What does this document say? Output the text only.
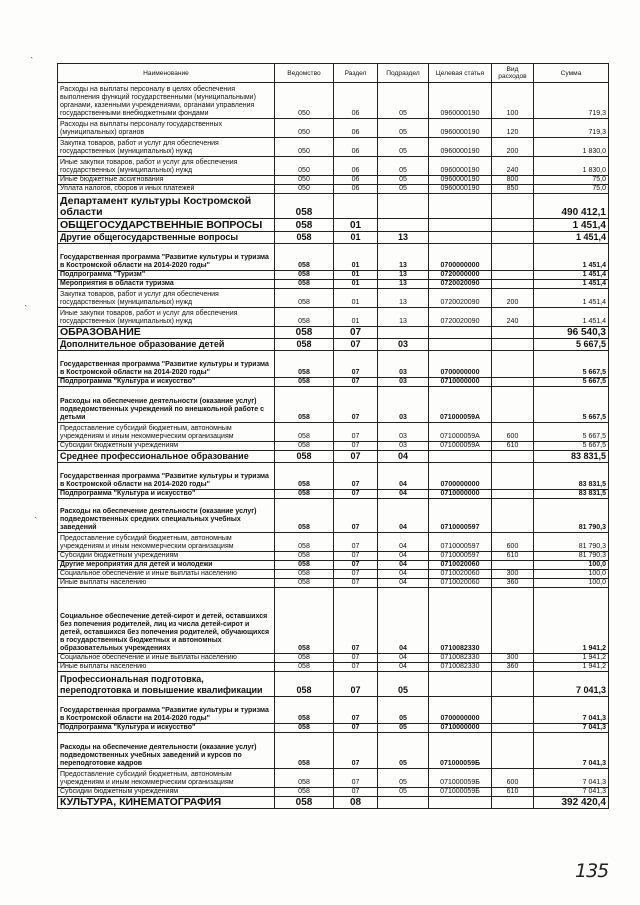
Наименование	Ведомство	Раздел	Подраздел	Целевая статья	Вид расходов	Сумма
Расходы на выплаты персоналу в целях обеспечения выполнения функций государственными (муниципальными) органами, казенными учреждениями, органами управления государственными внебюджетными фондами	050	06	05	0960000190	100	719,3
Расходы на выплаты персоналу государственных (муниципальных) органов	050	06	05	0960000190	120	719,3
Закупка товаров, работ и услуг для обеспечения государственных (муниципальных) нужд	050	06	05	0960000190	200	1 830,0
Иные закупки товаров, работ и услуг для обеспечения государственных (муниципальных) нужд	050	06	05	0960000190	240	1 830,0
Иные бюджетные ассигнования	050	06	05	0960000190	800	75,0
Уплата налогов, сборов и иных платежей	050	06	05	0960000190	850	75,0
Департамент культуры Костромской области	058					490 412,1
ОБЩЕГОСУДАРСТВЕННЫЕ ВОПРОСЫ	058	01				1 451,4
Другие общегосударственные вопросы	058	01	13			1 451,4
Государственная программа "Развитие культуры и туризма в Костромской области на 2014-2020 годы"	058	01	13	0700000000		1 451,4
Подпрограмма "Туризм"	058	01	13	0720000000		1 451,4
Мероприятия в области туризма	058	01	13	0720020090		1 451,4
Закупка товаров, работ и услуг для обеспечения государственных (муниципальных) нужд	058	01	13	0720020090	200	1 451,4
Иные закупки товаров, работ и услуг для обеспечения государственных (муниципальных) нужд	058	01	13	0720020090	240	1 451,4
ОБРАЗОВАНИЕ	058	07				96 540,3
Дополнительное образование детей	058	07	03			5 667,5
Государственная программа "Развитие культуры и туризма в Костромской области на 2014-2020 годы"	058	07	03	0700000000		5 667,5
Подпрограмма "Культура и искусство"	058	07	03	0710000000		5 667,5
Расходы на обеспечение деятельности (оказание услуг) подведомственных учреждений по внешкольной работе с детьми	058	07	03	071000059А		5 667,5
Предоставление субсидий бюджетным, автономным учреждениям и иным некоммерческим организациям	058	07	03	071000059А	600	5 667,5
Субсидии бюджетным учреждениям	058	07	03	071000059А	610	5 667,5
Среднее профессиональное образование	058	07	04			83 831,5
Государственная программа "Развитие культуры и туризма в Костромской области на 2014-2020 годы"	058	07	04	0700000000		83 831,5
Подпрограмма "Культура и искусство"	058	07	04	0710000000		83 831,5
Расходы на обеспечение деятельности (оказание услуг) подведомственных средних специальных учебных заведений	058	07	04	0710000597		81 790,3
Предоставление субсидий бюджетным, автономным учреждениям и иным некоммерческим организациям	058	07	04	0710000597	600	81 790,3
Субсидии бюджетным учреждениям	058	07	04	0710000597	610	81 790,3
Другие мероприятия для детей и молодежи	058	07	04	0710020060		100,0
Социальное обеспечение и иные выплаты населению	058	07	04	0710020060	300	100,0
Иные выплаты населению	058	07	04	0710020060	360	100,0
Социальное обеспечение детей-сирот и детей, оставшихся без попечения родителей, лиц из числа детей-сирот и детей, оставшихся без попечения родителей, обучающихся в государственных бюджетных и автономных образовательных учреждениях	058	07	04	0710082330		1 941,2
Социальное обеспечение и иные выплаты населению	058	07	04	0710082330	300	1 941,2
Иные выплаты населению	058	07	04	0710082330	360	1 941,2
Профессиональная подготовка, переподготовка и повышение квалификации	058	07	05			7 041,3
Государственная программа "Развитие культуры и туризма в Костромской области на 2014-2020 годы"	058	07	05	0700000000		7 041,3
Подпрограмма "Культура и искусство"	058	07	05	0710000000		7 041,3
Расходы на обеспечение деятельности (оказание услуг) подведомственных учебных заведений и курсов по переподготовке кадров	058	07	05	071000059Б		7 041,3
Предоставление субсидий бюджетным, автономным учреждениям и иным некоммерческим организациям	058	07	05	071000059Б	600	7 041,3
Субсидии бюджетным учреждениям	058	07	05	071000059Б	610	7 041,3
КУЛЬТУРА, КИНЕМАТОГРАФИЯ	058	08				392 420,4
135
˴
˴
˴
